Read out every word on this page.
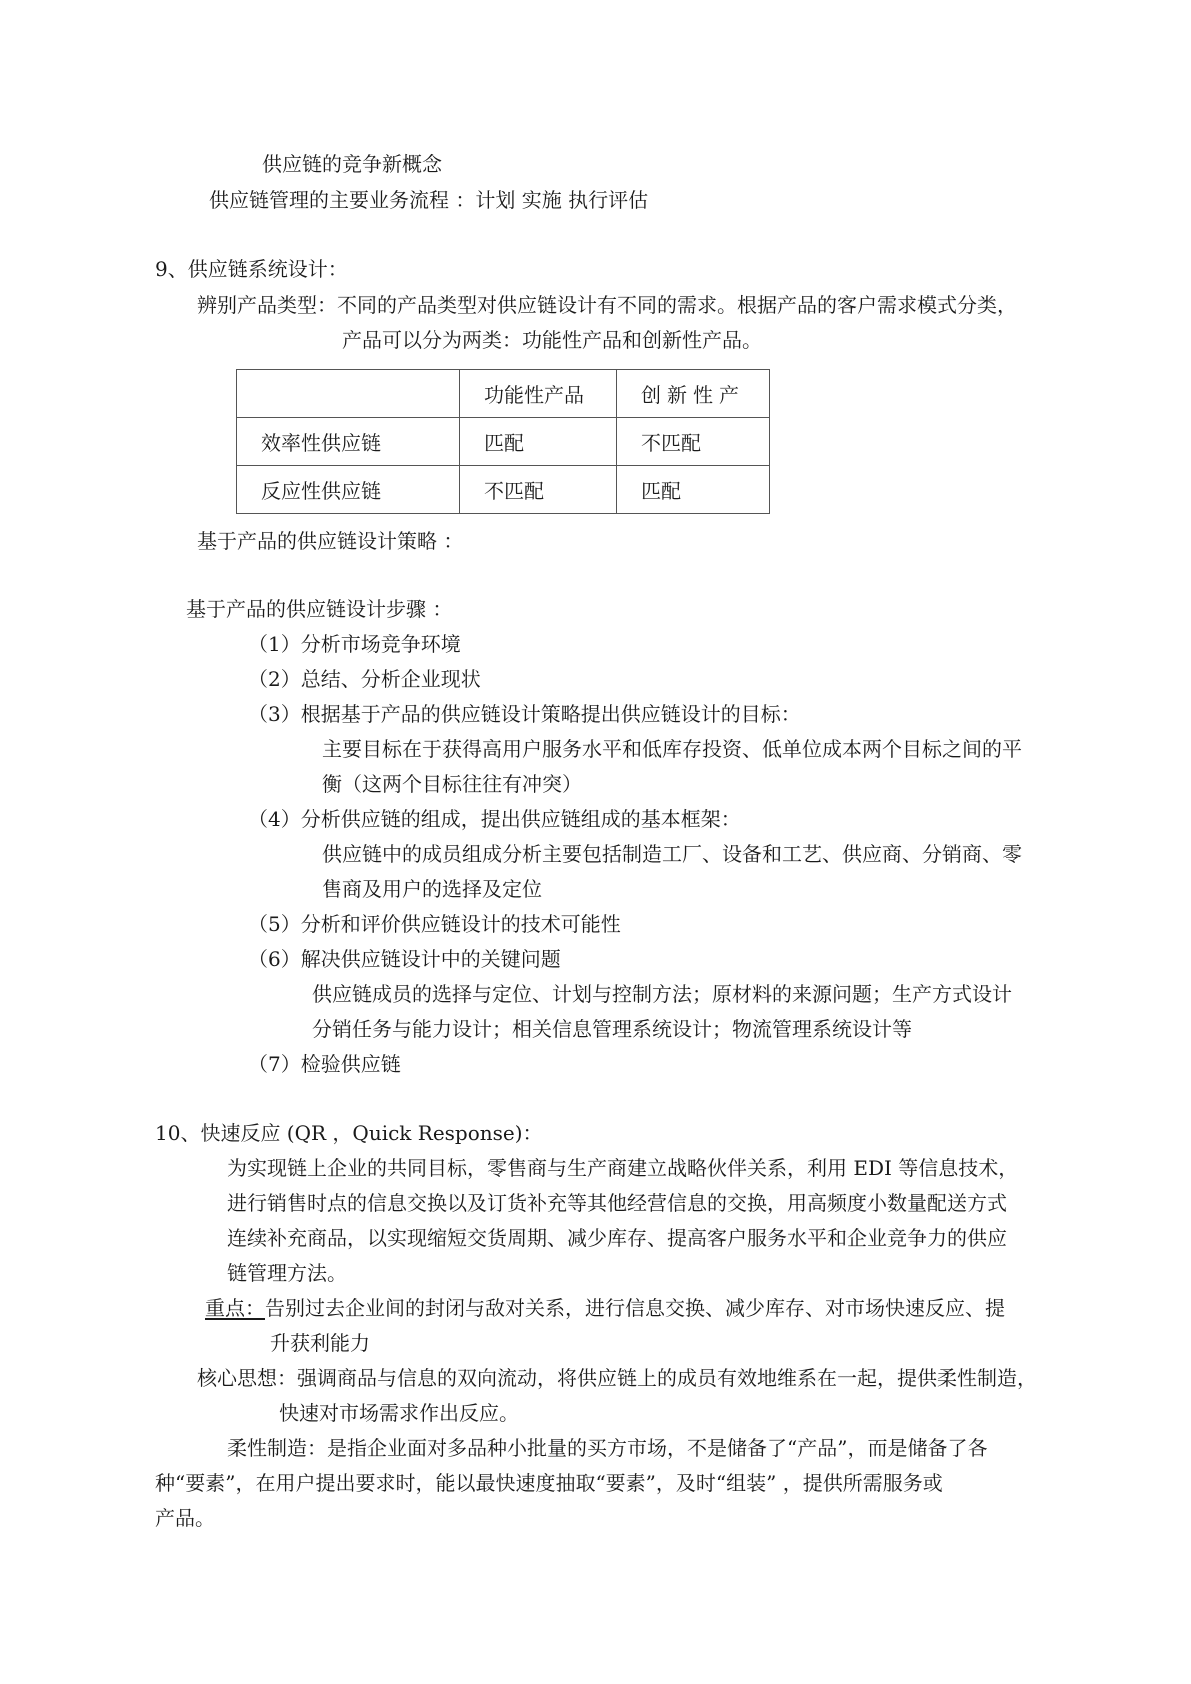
供应链的竞争新概念
供应链管理的主要业务流程 ：计划 实施 执行评估
9、供应链系统设计：
辨别产品类型：不同的产品类型对供应链设计有不同的需求。根据产品的客户需求模式分类，
产品可以分为两类：功能性产品和创新性产品。
	功能性产品	创新性产
效率性供应链	匹配	不匹配
反应性供应链	不匹配	匹配
基于产品的供应链设计策略 ：
基于产品的供应链设计步骤 ：
（1）分析市场竞争环境
（2）总结、分析企业现状
（3）根据基于产品的供应链设计策略提出供应链设计的目标：
主要目标在于获得高用户服务水平和低库存投资、低单位成本两个目标之间的平
衡（这两个目标往往有冲突）
（4）分析供应链的组成，提出供应链组成的基本框架：
供应链中的成员组成分析主要包括制造工厂、设备和工艺、供应商、分销商、零
售商及用户的选择及定位
（5）分析和评价供应链设计的技术可能性
（6）解决供应链设计中的关键问题
供应链成员的选择与定位、计划与控制方法；原材料的来源问题；生产方式设计
分销任务与能力设计；相关信息管理系统设计；物流管理系统设计等
（7）检验供应链
10、快速反应 (QR ，Quick Response)：
为实现链上企业的共同目标，零售商与生产商建立战略伙伴关系，利用 EDI 等信息技术，
进行销售时点的信息交换以及订货补充等其他经营信息的交换，用高频度小数量配送方式
连续补充商品，以实现缩短交货周期、减少库存、提高客户服务水平和企业竞争力的供应
链管理方法。
重点：告别过去企业间的封闭与敌对关系，进行信息交换、减少库存、对市场快速反应、提
升获利能力
核心思想：强调商品与信息的双向流动，将供应链上的成员有效地维系在一起，提供柔性制造，
快速对市场需求作出反应。
柔性制造：是指企业面对多品种小批量的买方市场，不是储备了“产品”，而是储备了各
种“要素”，在用户提出要求时，能以最快速度抽取“要素”，及时“组装” ，提供所需服务或
产品。
